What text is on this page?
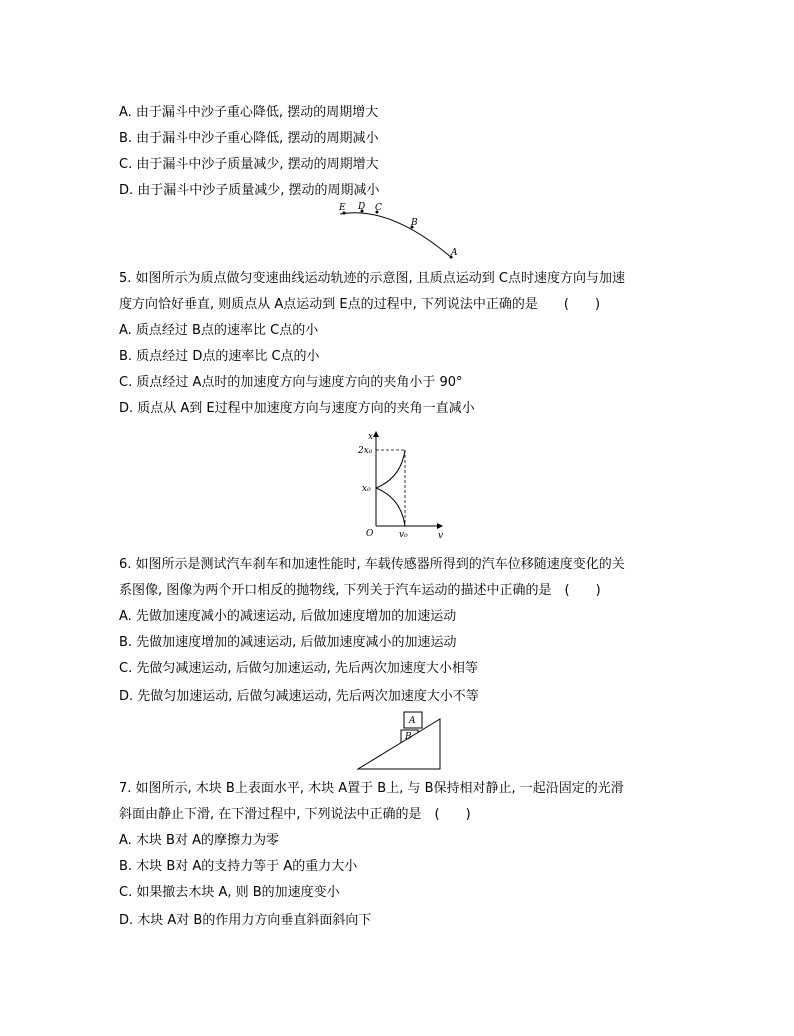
A. 由于漏斗中沙子重心降低, 摆动的周期增大
B. 由于漏斗中沙子重心降低, 摆动的周期减小
C. 由于漏斗中沙子质量减少, 摆动的周期增大
D. 由于漏斗中沙子质量减少, 摆动的周期减小
E D C
B
A
5. 如图所示为质点做匀变速曲线运动轨迹的示意图, 且质点运动到 C点时速度方向与加速
度方向恰好垂直, 则质点从 A点运动到 E点的过程中, 下列说法中正确的是　　(　　)
A. 质点经过 B点的速率比 C点的小
B. 质点经过 D点的速率比 C点的小
C. 质点经过 A点时的加速度方向与速度方向的夹角小于 90°
D. 质点从 A到 E过程中加速度方向与速度方向的夹角一直减小
x
v
O
2x₀
x₀
v₀
6. 如图所示是测试汽车刹车和加速性能时, 车载传感器所得到的汽车位移随速度变化的关
系图像, 图像为两个开口相反的抛物线, 下列关于汽车运动的描述中正确的是　(　　)
A. 先做加速度减小的减速运动, 后做加速度增加的加速运动
B. 先做加速度增加的减速运动, 后做加速度减小的加速运动
C. 先做匀减速运动, 后做匀加速运动, 先后两次加速度大小相等
D. 先做匀加速运动, 后做匀减速运动, 先后两次加速度大小不等
A
B
7. 如图所示, 木块 B上表面水平, 木块 A置于 B上, 与 B保持相对静止, 一起沿固定的光滑
斜面由静止下滑, 在下滑过程中, 下列说法中正确的是　(　　)
A. 木块 B对 A的摩擦力为零
B. 木块 B对 A的支持力等于 A的重力大小
C. 如果撤去木块 A, 则 B的加速度变小
D. 木块 A对 B的作用力方向垂直斜面斜向下
